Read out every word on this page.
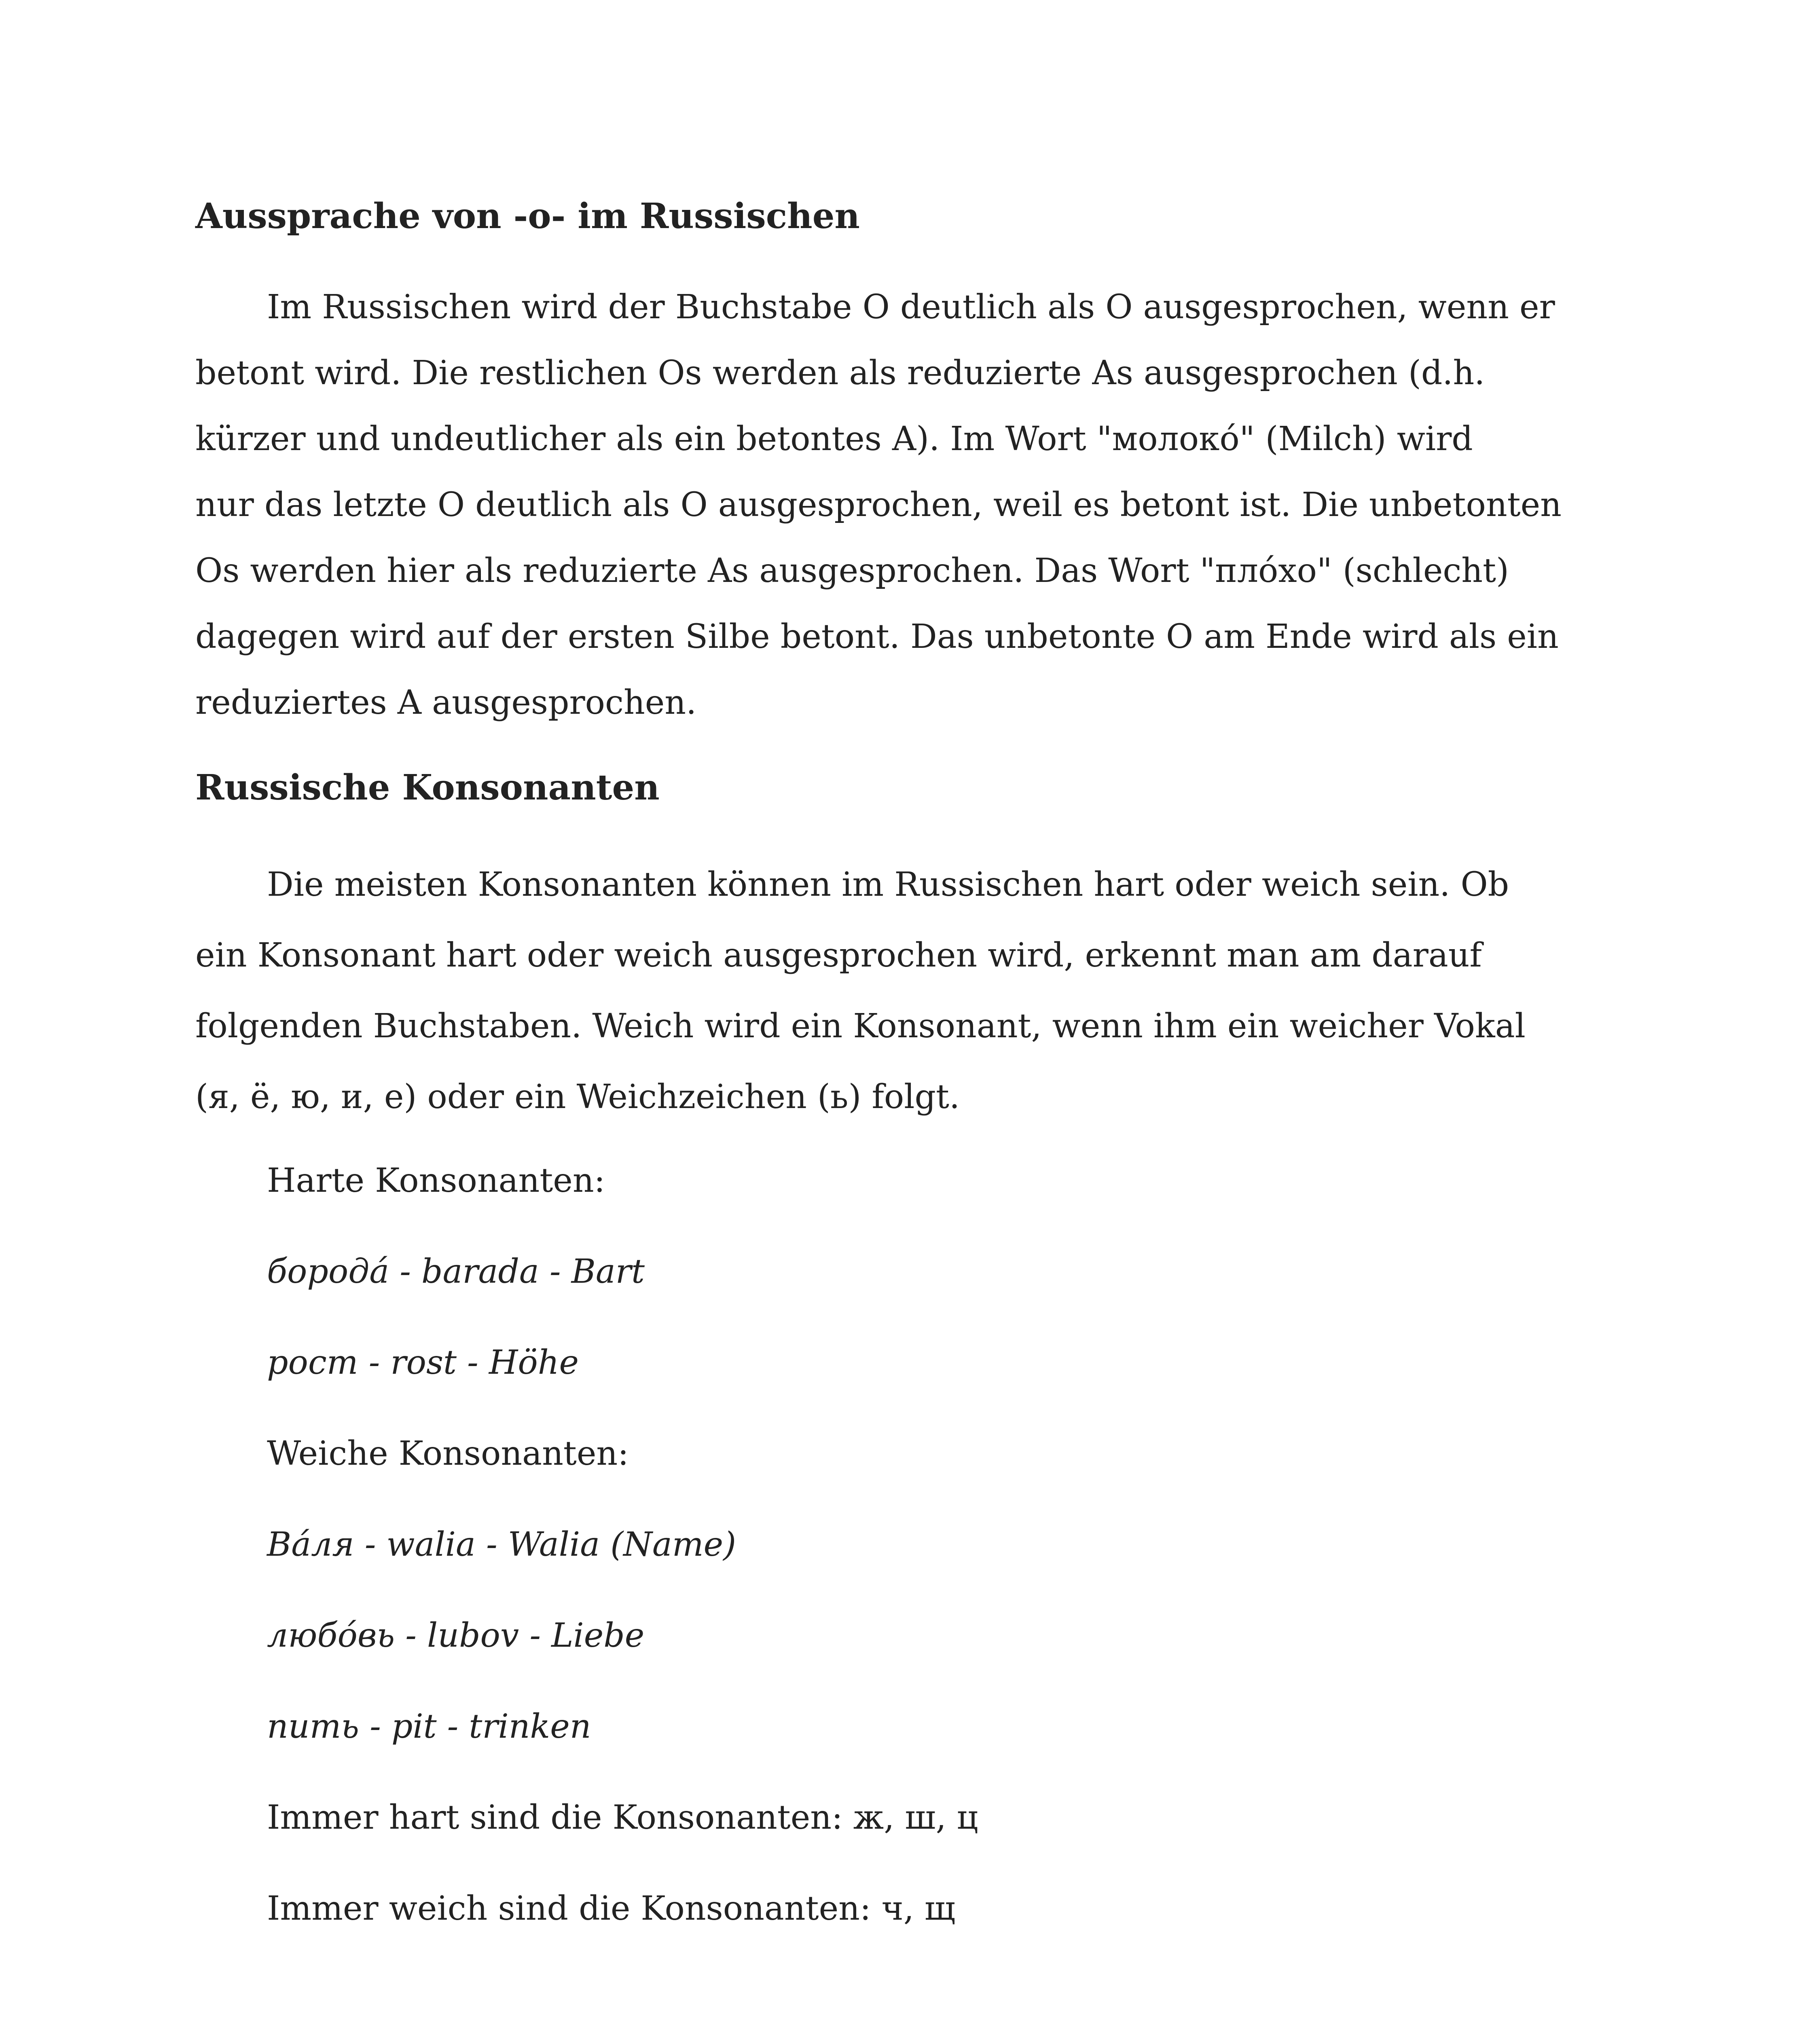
Aussprache von -o- im Russischen

Im Russischen wird der Buchstabe O deutlich als O ausgesprochen, wenn er
betont wird. Die restlichen Os werden als reduzierte As ausgesprochen (d.h.
kürzer und undeutlicher als ein betontes A). Im Wort "молокó" (Milch) wird
nur das letzte O deutlich als O ausgesprochen, weil es betont ist. Die unbetonten
Os werden hier als reduzierte As ausgesprochen. Das Wort "плóхо" (schlecht)
dagegen wird auf der ersten Silbe betont. Das unbetonte O am Ende wird als ein
reduziertes A ausgesprochen.

Russische Konsonanten

Die meisten Konsonanten können im Russischen hart oder weich sein. Ob
ein Konsonant hart oder weich ausgesprochen wird, erkennt man am darauf
folgenden Buchstaben. Weich wird ein Konsonant, wenn ihm ein weicher Vokal
(я, ё, ю, и, е) oder ein Weichzeichen (ь) folgt.

Harte Konsonanten:

бородá - barada - Bart

рост - rost - Höhe

Weiche Konsonanten:

Вáля - walia - Walia (Name)

любóвь - lubov - Liebe

пить - pit - trinken

Immer hart sind die Konsonanten: ж, ш, ц

Immer weich sind die Konsonanten: ч, щ
